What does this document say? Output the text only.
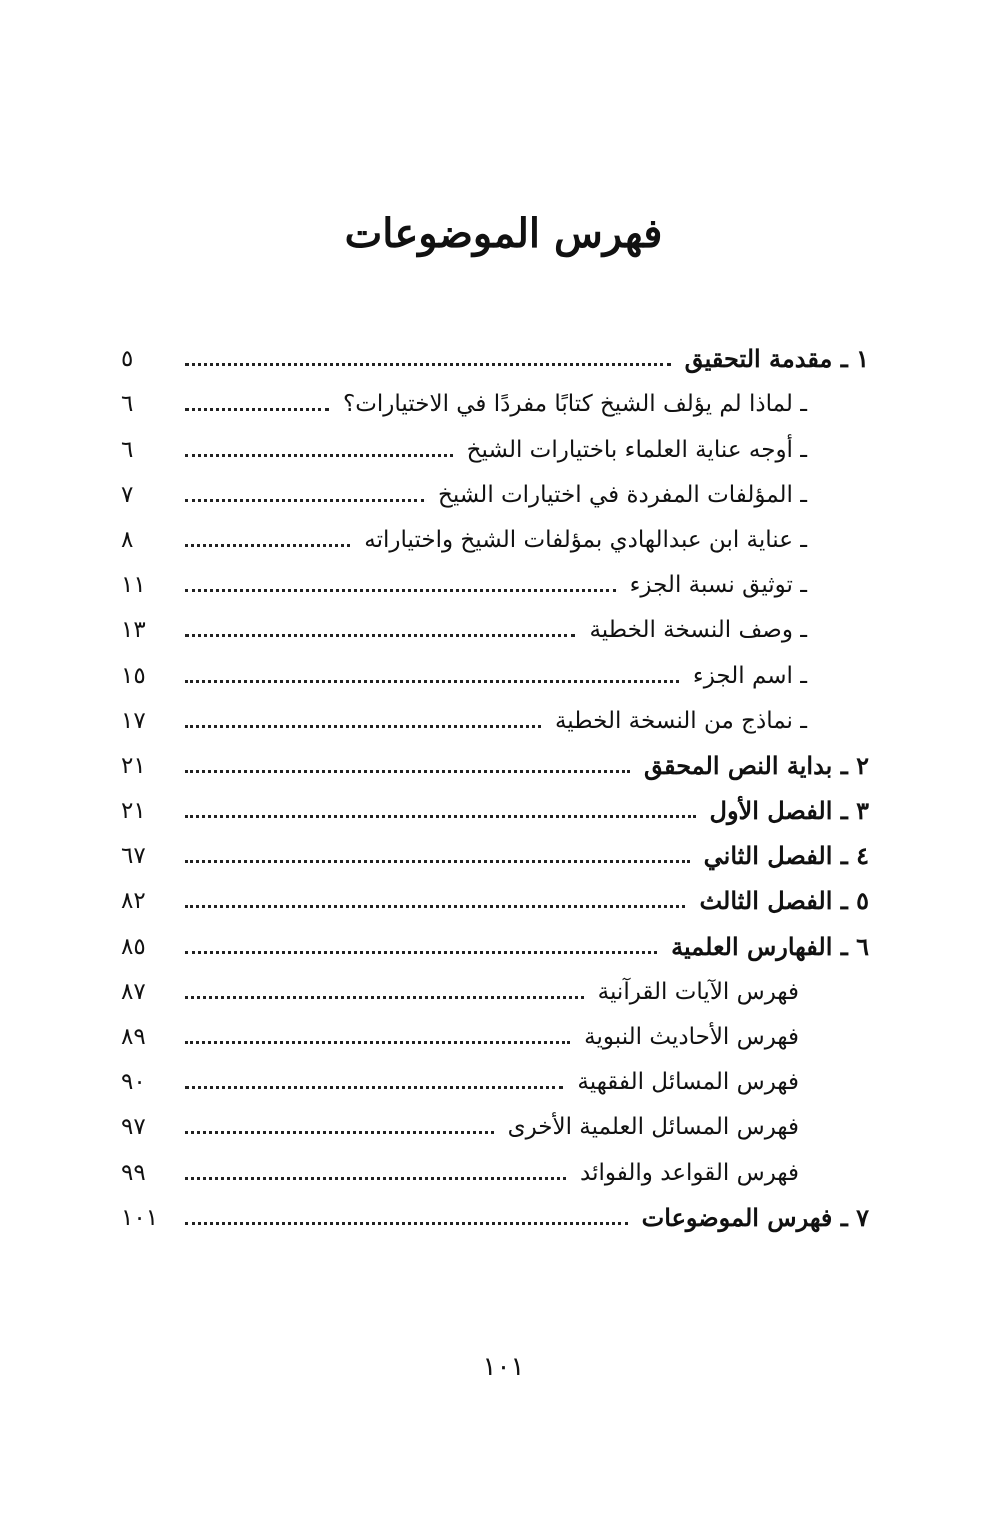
فهرس الموضوعات
١ ـ مقدمة التحقيق
٥
ـ لماذا لم يؤلف الشيخ كتابًا مفردًا في الاختيارات؟
٦
ـ أوجه عناية العلماء باختيارات الشيخ
٦
ـ المؤلفات المفردة في اختيارات الشيخ
٧
ـ عناية ابن عبدالهادي بمؤلفات الشيخ واختياراته
٨
ـ توثيق نسبة الجزء
١١
ـ وصف النسخة الخطية
١٣
ـ اسم الجزء
١٥
ـ نماذج من النسخة الخطية
١٧
٢ ـ بداية النص المحقق
٢١
٣ ـ الفصل الأول
٢١
٤ ـ الفصل الثاني
٦٧
٥ ـ الفصل الثالث
٨٢
٦ ـ الفهارس العلمية
٨٥
فهرس الآيات القرآنية
٨٧
فهرس الأحاديث النبوية
٨٩
فهرس المسائل الفقهية
٩٠
فهرس المسائل العلمية الأخرى
٩٧
فهرس القواعد والفوائد
٩٩
٧ ـ فهرس الموضوعات
١٠١
١٠١
